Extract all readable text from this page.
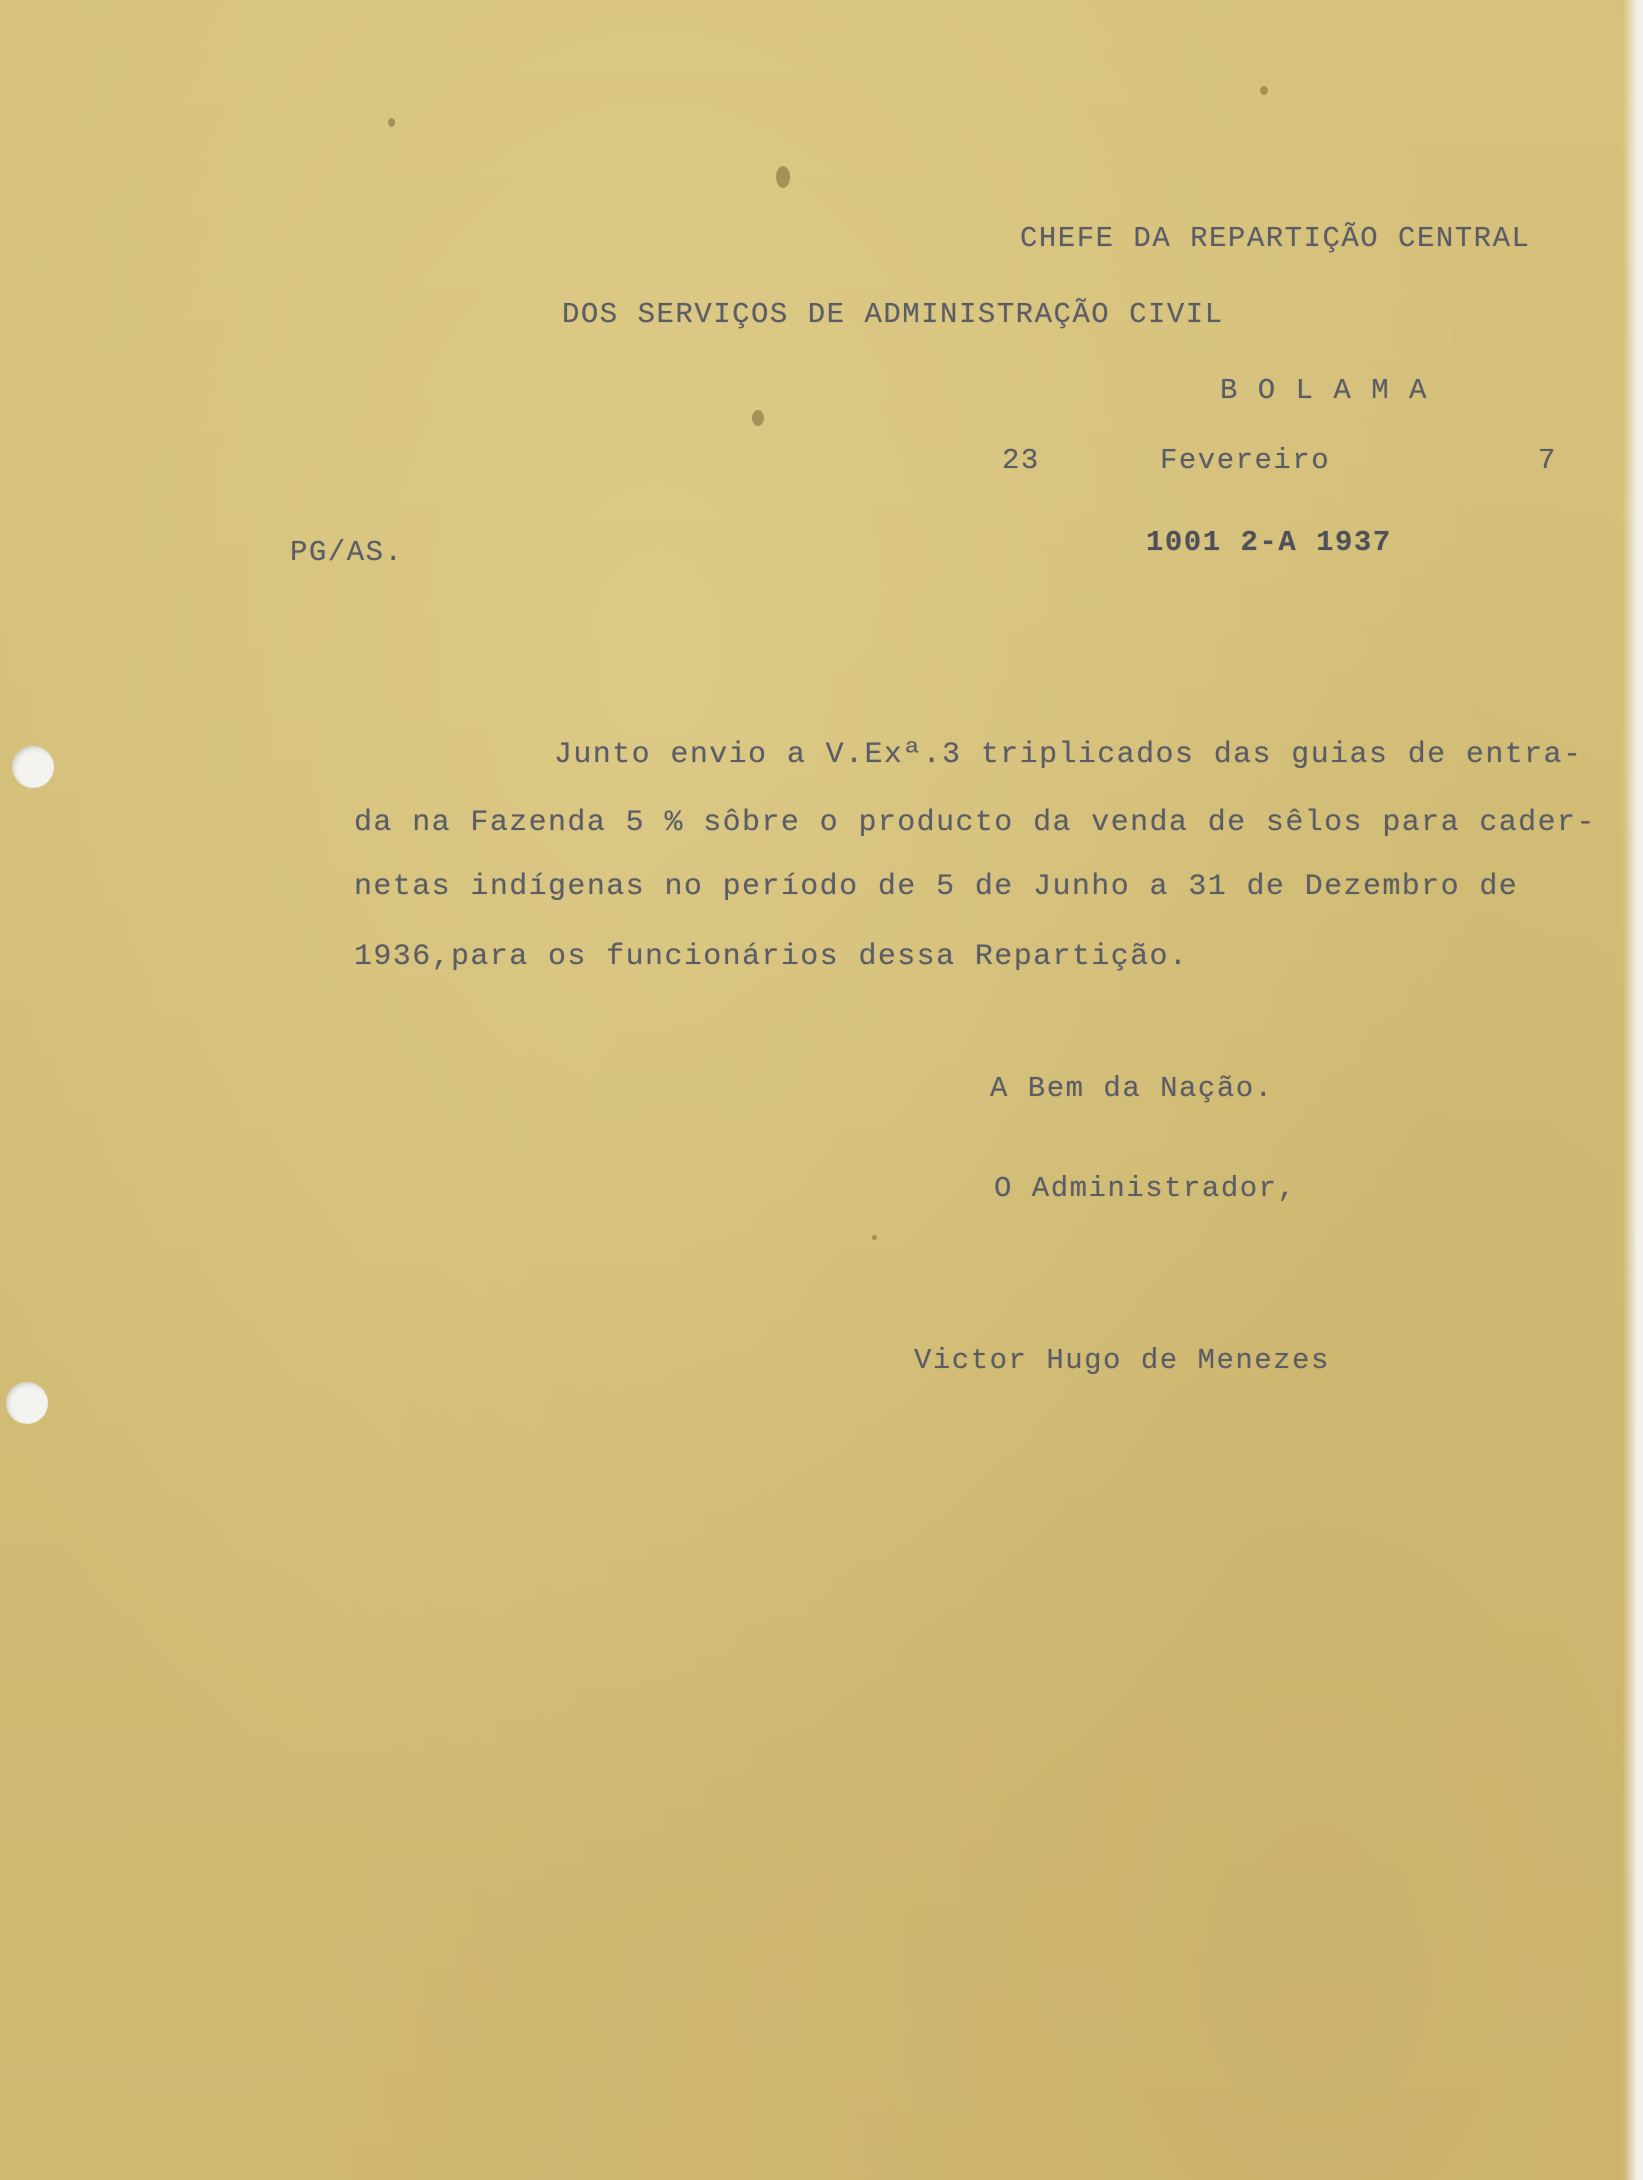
CHEFE DA REPARTIÇÃO CENTRAL
DOS SERVIÇOS DE ADMINISTRAÇÃO CIVIL
B O L A M A
23	Fevereiro	7
PG/AS.	1001 2-A 1937
Junto envio a V.Exª.3 triplicados das guias de entra-
da na Fazenda 5 % sôbre o producto da venda de sêlos para cader-
netas indígenas no período de 5 de Junho a 31 de Dezembro de
1936,para os funcionários dessa Repartição.
A Bem da Nação.
O Administrador,
Victor Hugo de Menezes
